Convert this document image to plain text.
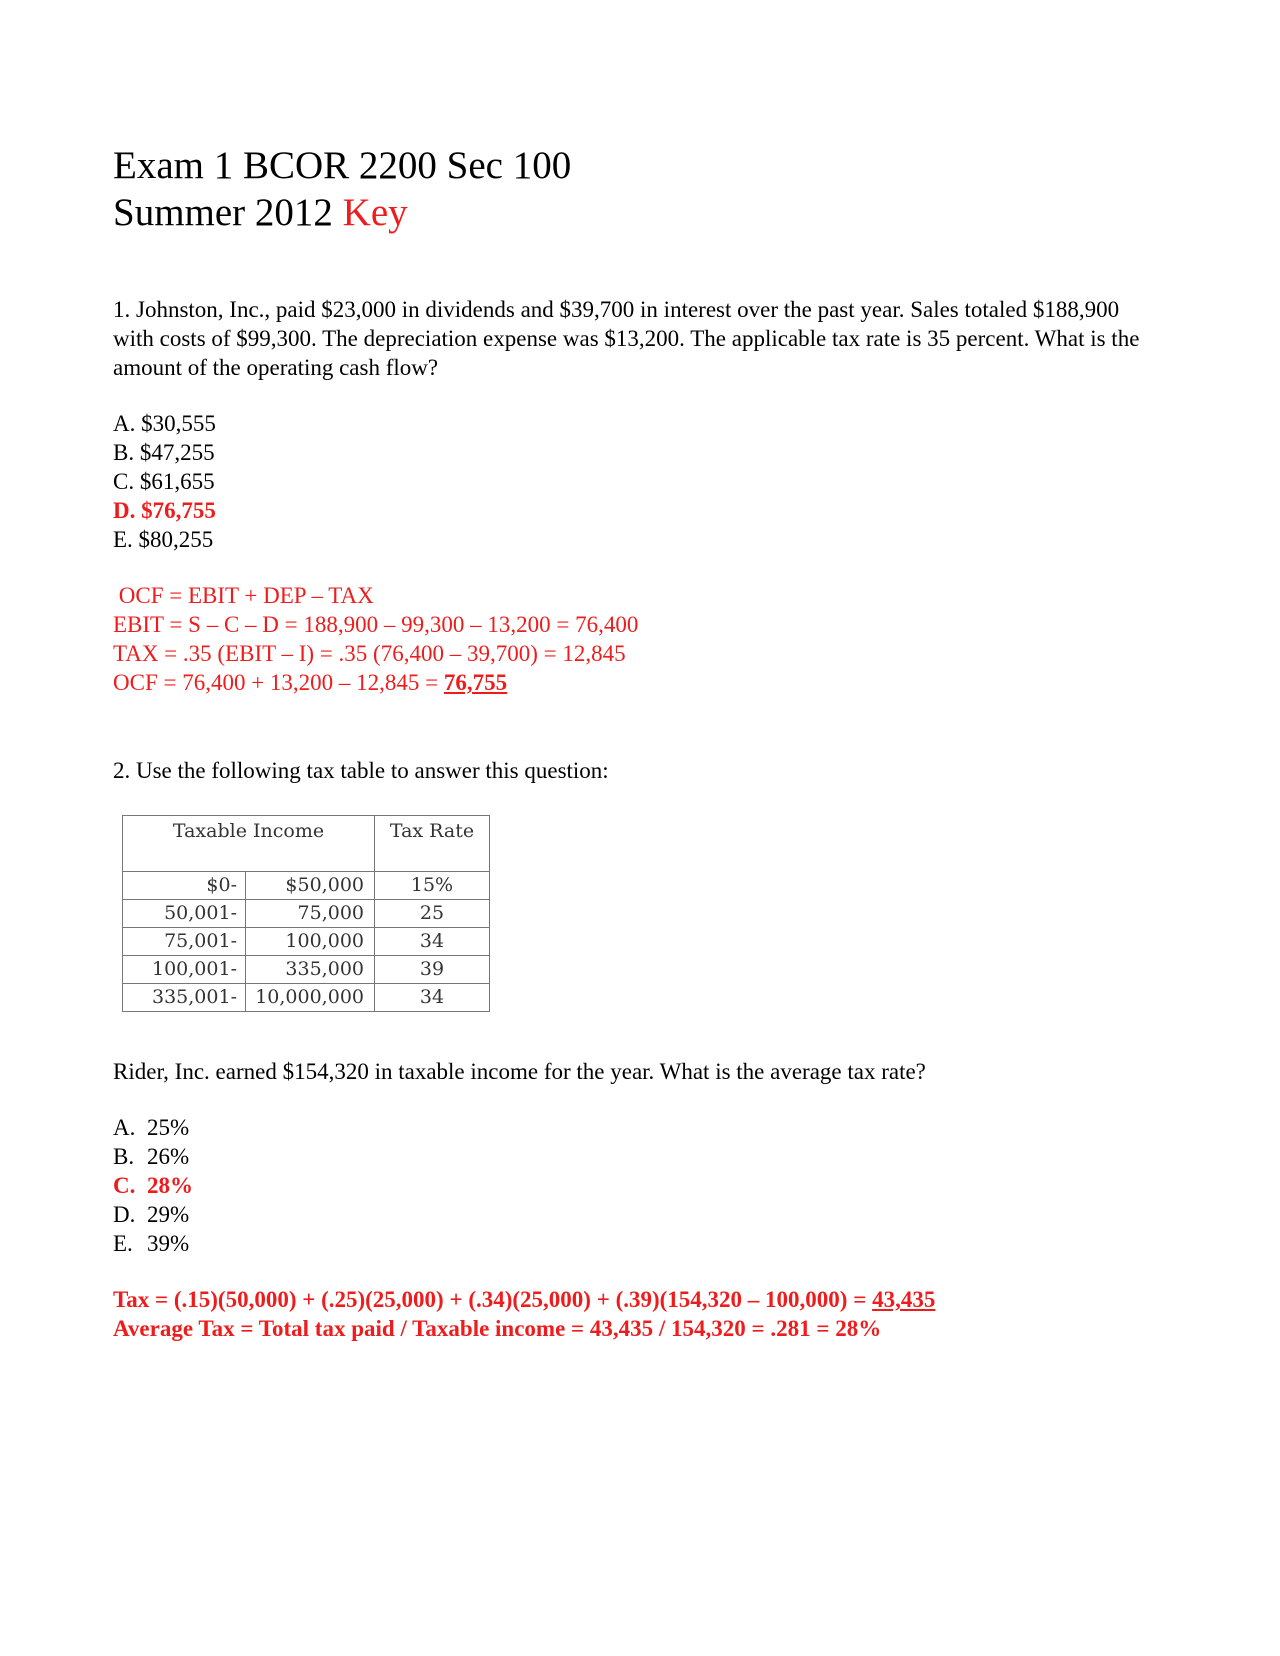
Exam 1 BCOR 2200 Sec 100
Summer 2012 Key
1. Johnston, Inc., paid $23,000 in dividends and $39,700 in interest over the past year. Sales totaled $188,900 with costs of $99,300. The depreciation expense was $13,200. The applicable tax rate is 35 percent. What is the amount of the operating cash flow?
A. $30,555
B. $47,255
C. $61,655
D. $76,755
E. $80,255
OCF = EBIT + DEP – TAX
EBIT = S – C – D = 188,900 – 99,300 – 13,200 = 76,400
TAX = .35 (EBIT – I) = .35 (76,400 – 39,700) = 12,845
OCF = 76,400 + 13,200 – 12,845 = 76,755
2. Use the following tax table to answer this question:
Taxable Income		Tax Rate
$0-	$50,000	15%
50,001-	75,000	25
75,001-	100,000	34
100,001-	335,000	39
335,001-	10,000,000	34
Rider, Inc. earned $154,320 in taxable income for the year. What is the average tax rate?
A. 25%
B. 26%
C. 28%
D. 29%
E. 39%
Tax = (.15)(50,000) + (.25)(25,000) + (.34)(25,000) + (.39)(154,320 – 100,000) = 43,435
Average Tax = Total tax paid / Taxable income = 43,435 / 154,320 = .281 = 28%
